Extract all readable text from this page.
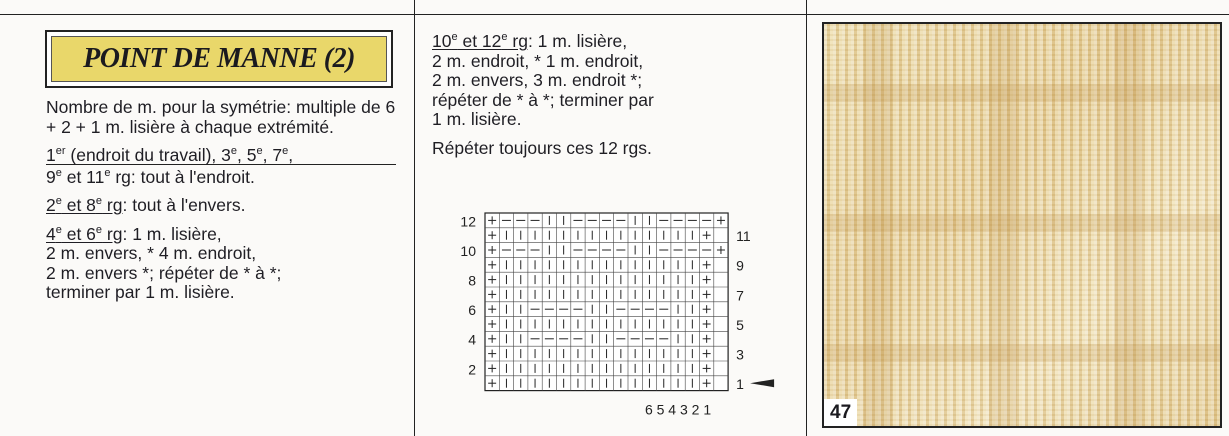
POINT DE MANNE (2)

Nombre de m. pour la symétrie: multiple de 6 + 2 + 1 m. lisière à chaque extrémité.

1er (endroit du travail), 3e, 5e, 7e,
9e et 11e rg: tout à l'endroit.

2e et 8e rg: tout à l'envers.

4e et 6e rg: 1 m. lisière,
2 m. envers, * 4 m. endroit,
2 m. envers *; répéter de * à *;
terminer par 1 m. lisière.

10e et 12e rg: 1 m. lisière,
2 m. endroit, * 1 m. endroit,
2 m. envers, 3 m. endroit *;
répéter de * à *; terminer par
1 m. lisière.

Répéter toujours ces 12 rgs.

12
10
8
6
4
2
11
9
7
5
3
1
6 5 4 3 2 1	47
